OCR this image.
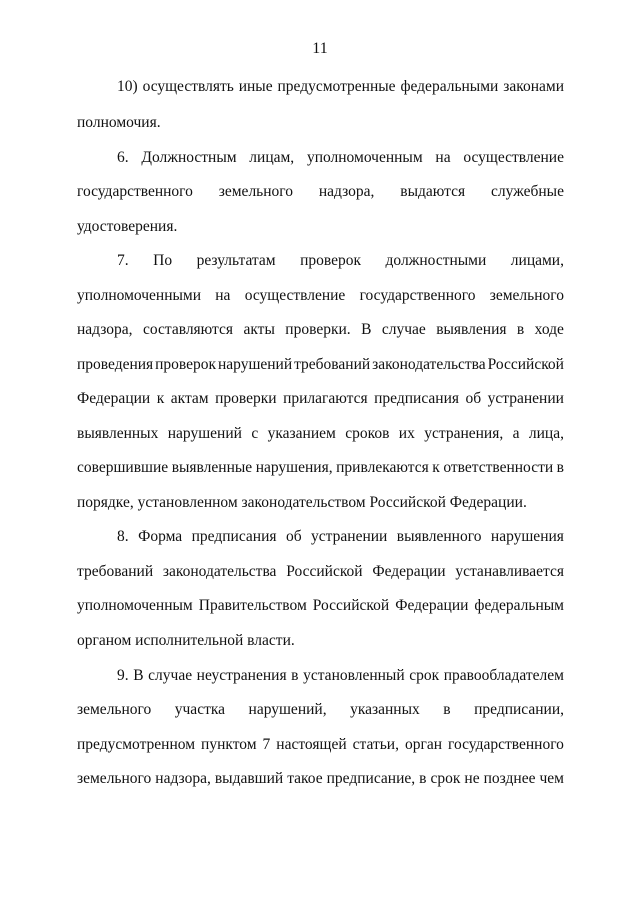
11
10) осуществлять иные предусмотренные федеральными законами
полномочия.
6. Должностным лицам, уполномоченным на осуществление
государственного земельного надзора, выдаются служебные
удостоверения.
7. По результатам проверок должностными лицами,
уполномоченными на осуществление государственного земельного
надзора, составляются акты проверки. В случае выявления в ходе
проведения проверок нарушений требований законодательства Российской
Федерации к актам проверки прилагаются предписания об устранении
выявленных нарушений с указанием сроков их устранения, а лица,
совершившие выявленные нарушения, привлекаются к ответственности в
порядке, установленном законодательством Российской Федерации.
8. Форма предписания об устранении выявленного нарушения
требований законодательства Российской Федерации устанавливается
уполномоченным Правительством Российской Федерации федеральным
органом исполнительной власти.
9. В случае неустранения в установленный срок правообладателем
земельного участка нарушений, указанных в предписании,
предусмотренном пунктом 7 настоящей статьи, орган государственного
земельного надзора, выдавший такое предписание, в срок не позднее чем
